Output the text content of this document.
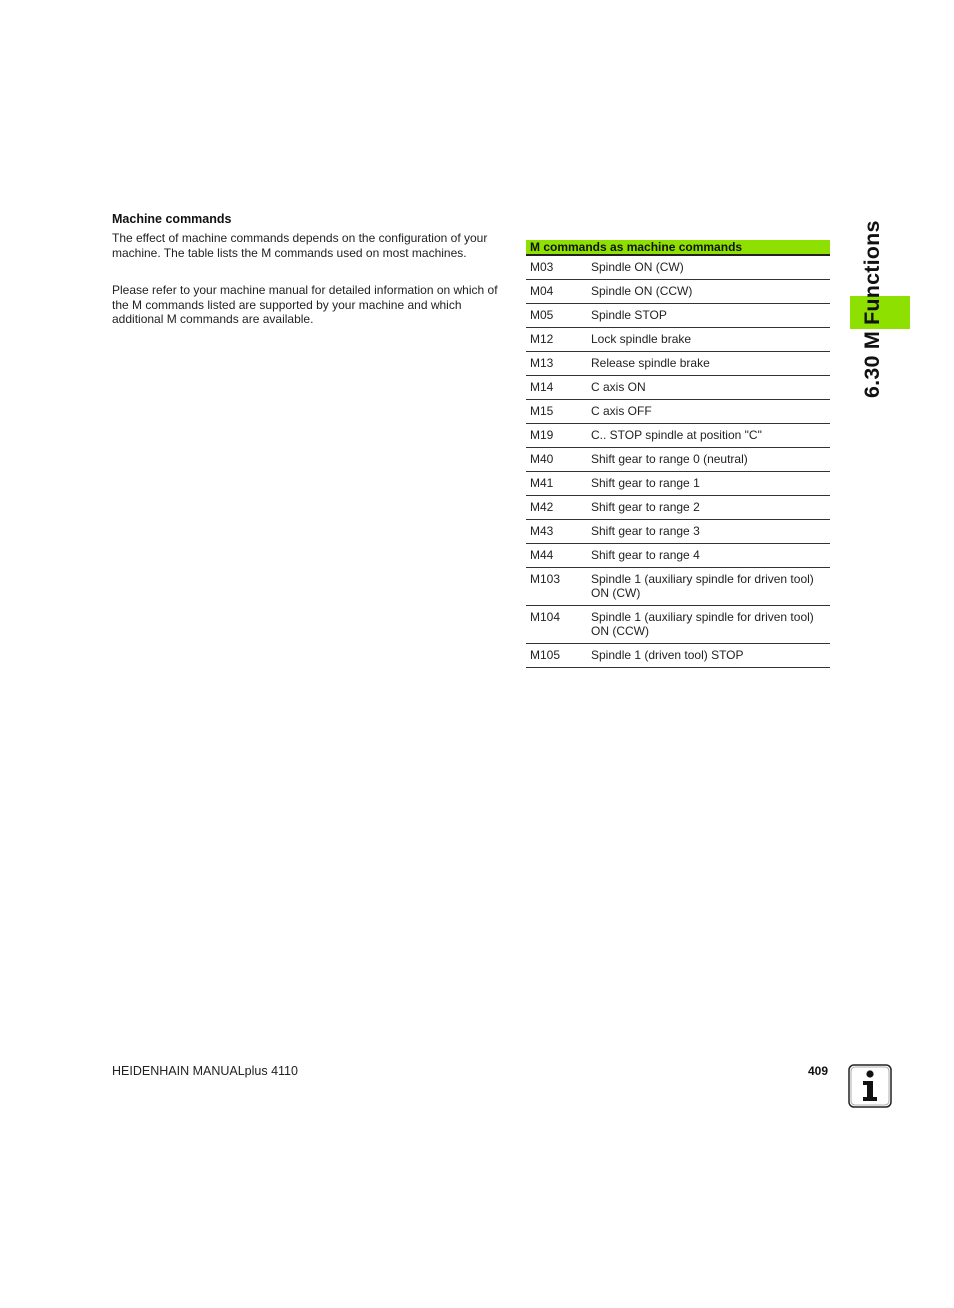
Machine commands

The effect of machine commands depends on the configuration of your machine. The table lists the M commands used on most machines.

Please refer to your machine manual for detailed information on which of the M commands listed are supported by your machine and which additional M commands are available.

M commands as machine commands	
M03	Spindle ON (CW)
M04	Spindle ON (CCW)
M05	Spindle STOP
M12	Lock spindle brake
M13	Release spindle brake
M14	C axis ON
M15	C axis OFF
M19	C.. STOP spindle at position "C"
M40	Shift gear to range 0 (neutral)
M41	Shift gear to range 1
M42	Shift gear to range 2
M43	Shift gear to range 3
M44	Shift gear to range 4
M103	Spindle 1 (auxiliary spindle for driven tool) ON (CW)
M104	Spindle 1 (auxiliary spindle for driven tool) ON (CCW)
M105	Spindle 1 (driven tool) STOP
6.30 M Functions
HEIDENHAIN MANUALplus 4110	409
